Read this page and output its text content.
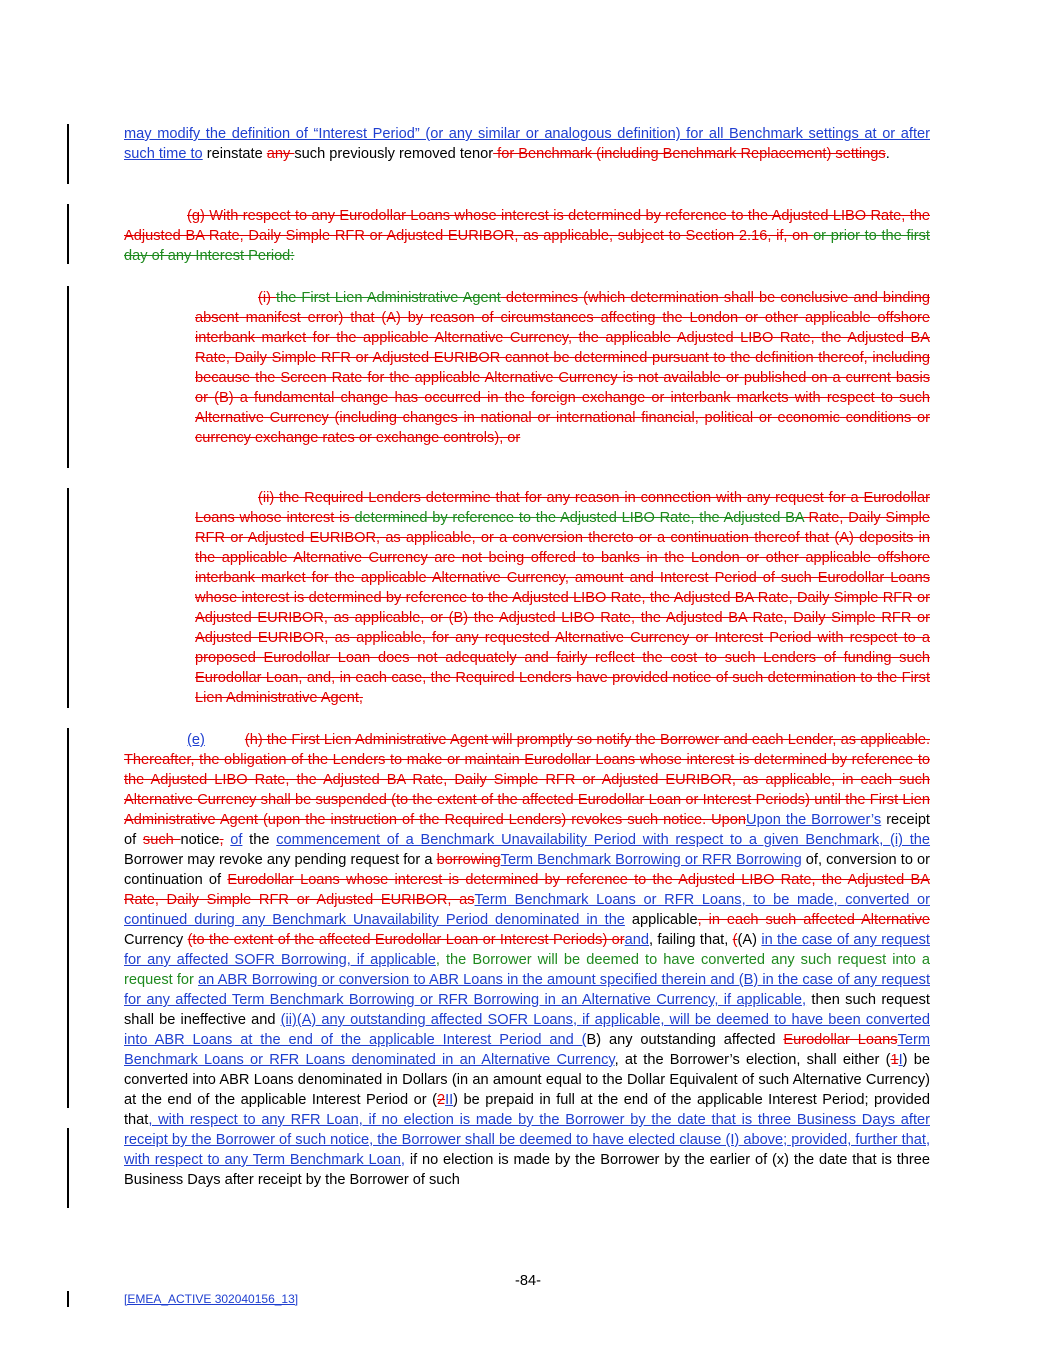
may modify the definition of “Interest Period” (or any similar or analogous definition) for all Benchmark settings at or after such time to reinstate any such previously removed tenor for Benchmark (including Benchmark Replacement) settings.

(g) With respect to any Eurodollar Loans whose interest is determined by reference to the Adjusted LIBO Rate, the Adjusted BA Rate, Daily Simple RFR or Adjusted EURIBOR, as applicable, subject to Section 2.16, if, on or prior to the first day of any Interest Period:

(i) the First Lien Administrative Agent determines (which determination shall be conclusive and binding absent manifest error) that (A) by reason of circumstances affecting the London or other applicable offshore interbank market for the applicable Alternative Currency, the applicable Adjusted LIBO Rate, the Adjusted BA Rate, Daily Simple RFR or Adjusted EURIBOR cannot be determined pursuant to the definition thereof, including because the Screen Rate for the applicable Alternative Currency is not available or published on a current basis or (B) a fundamental change has occurred in the foreign exchange or interbank markets with respect to such Alternative Currency (including changes in national or international financial, political or economic conditions or currency exchange rates or exchange controls), or

(ii) the Required Lenders determine that for any reason in connection with any request for a Eurodollar Loans whose interest is determined by reference to the Adjusted LIBO Rate, the Adjusted BA Rate, Daily Simple RFR or Adjusted EURIBOR, as applicable, or a conversion thereto or a continuation thereof that (A) deposits in the applicable Alternative Currency are not being offered to banks in the London or other applicable offshore interbank market for the applicable Alternative Currency, amount and Interest Period of such Eurodollar Loans whose interest is determined by reference to the Adjusted LIBO Rate, the Adjusted BA Rate, Daily Simple RFR or Adjusted EURIBOR, as applicable, or (B) the Adjusted LIBO Rate, the Adjusted BA Rate, Daily Simple RFR or Adjusted EURIBOR, as applicable, for any requested Alternative Currency or Interest Period with respect to a proposed Eurodollar Loan does not adequately and fairly reflect the cost to such Lenders of funding such Eurodollar Loan, and, in each case, the Required Lenders have provided notice of such determination to the First Lien Administrative Agent,

(e)	(h) the First Lien Administrative Agent will promptly so notify the Borrower and each Lender, as applicable. Thereafter, the obligation of the Lenders to make or maintain Eurodollar Loans whose interest is determined by reference to the Adjusted LIBO Rate, the Adjusted BA Rate, Daily Simple RFR or Adjusted EURIBOR, as applicable, in each such Alternative Currency shall be suspended (to the extent of the affected Eurodollar Loan or Interest Periods) until the First Lien Administrative Agent (upon the instruction of the Required Lenders) revokes such notice. UponUpon the Borrower’s receipt of such notice, of the commencement of a Benchmark Unavailability Period with respect to a given Benchmark, (i) the Borrower may revoke any pending request for a borrowingTerm Benchmark Borrowing or RFR Borrowing of, conversion to or continuation of Eurodollar Loans whose interest is determined by reference to the Adjusted LIBO Rate, the Adjusted BA Rate, Daily Simple RFR or Adjusted EURIBOR, asTerm Benchmark Loans or RFR Loans, to be made, converted or continued during any Benchmark Unavailability Period denominated in the applicable, in each such affected Alternative Currency (to the extent of the affected Eurodollar Loan or Interest Periods) orand, failing that, ((A) in the case of any request for any affected SOFR Borrowing, if applicable, the Borrower will be deemed to have converted any such request into a request for an ABR Borrowing or conversion to ABR Loans in the amount specified therein and (B) in the case of any request for any affected Term Benchmark Borrowing or RFR Borrowing in an Alternative Currency, if applicable, then such request shall be ineffective and (ii)(A) any outstanding affected SOFR Loans, if applicable, will be deemed to have been converted into ABR Loans at the end of the applicable Interest Period and (B) any outstanding affected Eurodollar LoansTerm Benchmark Loans or RFR Loans denominated in an Alternative Currency, at the Borrower’s election, shall either (1I) be converted into ABR Loans denominated in Dollars (in an amount equal to the Dollar Equivalent of such Alternative Currency) at the end of the applicable Interest Period or (2II) be prepaid in full at the end of the applicable Interest Period; provided that, with respect to any RFR Loan, if no election is made by the Borrower by the date that is three Business Days after receipt by the Borrower of such notice, the Borrower shall be deemed to have elected clause (I) above; provided, further that, with respect to any Term Benchmark Loan, if no election is made by the Borrower by the earlier of (x) the date that is three Business Days after receipt by the Borrower of such

-84-
[EMEA_ACTIVE 302040156_13]
